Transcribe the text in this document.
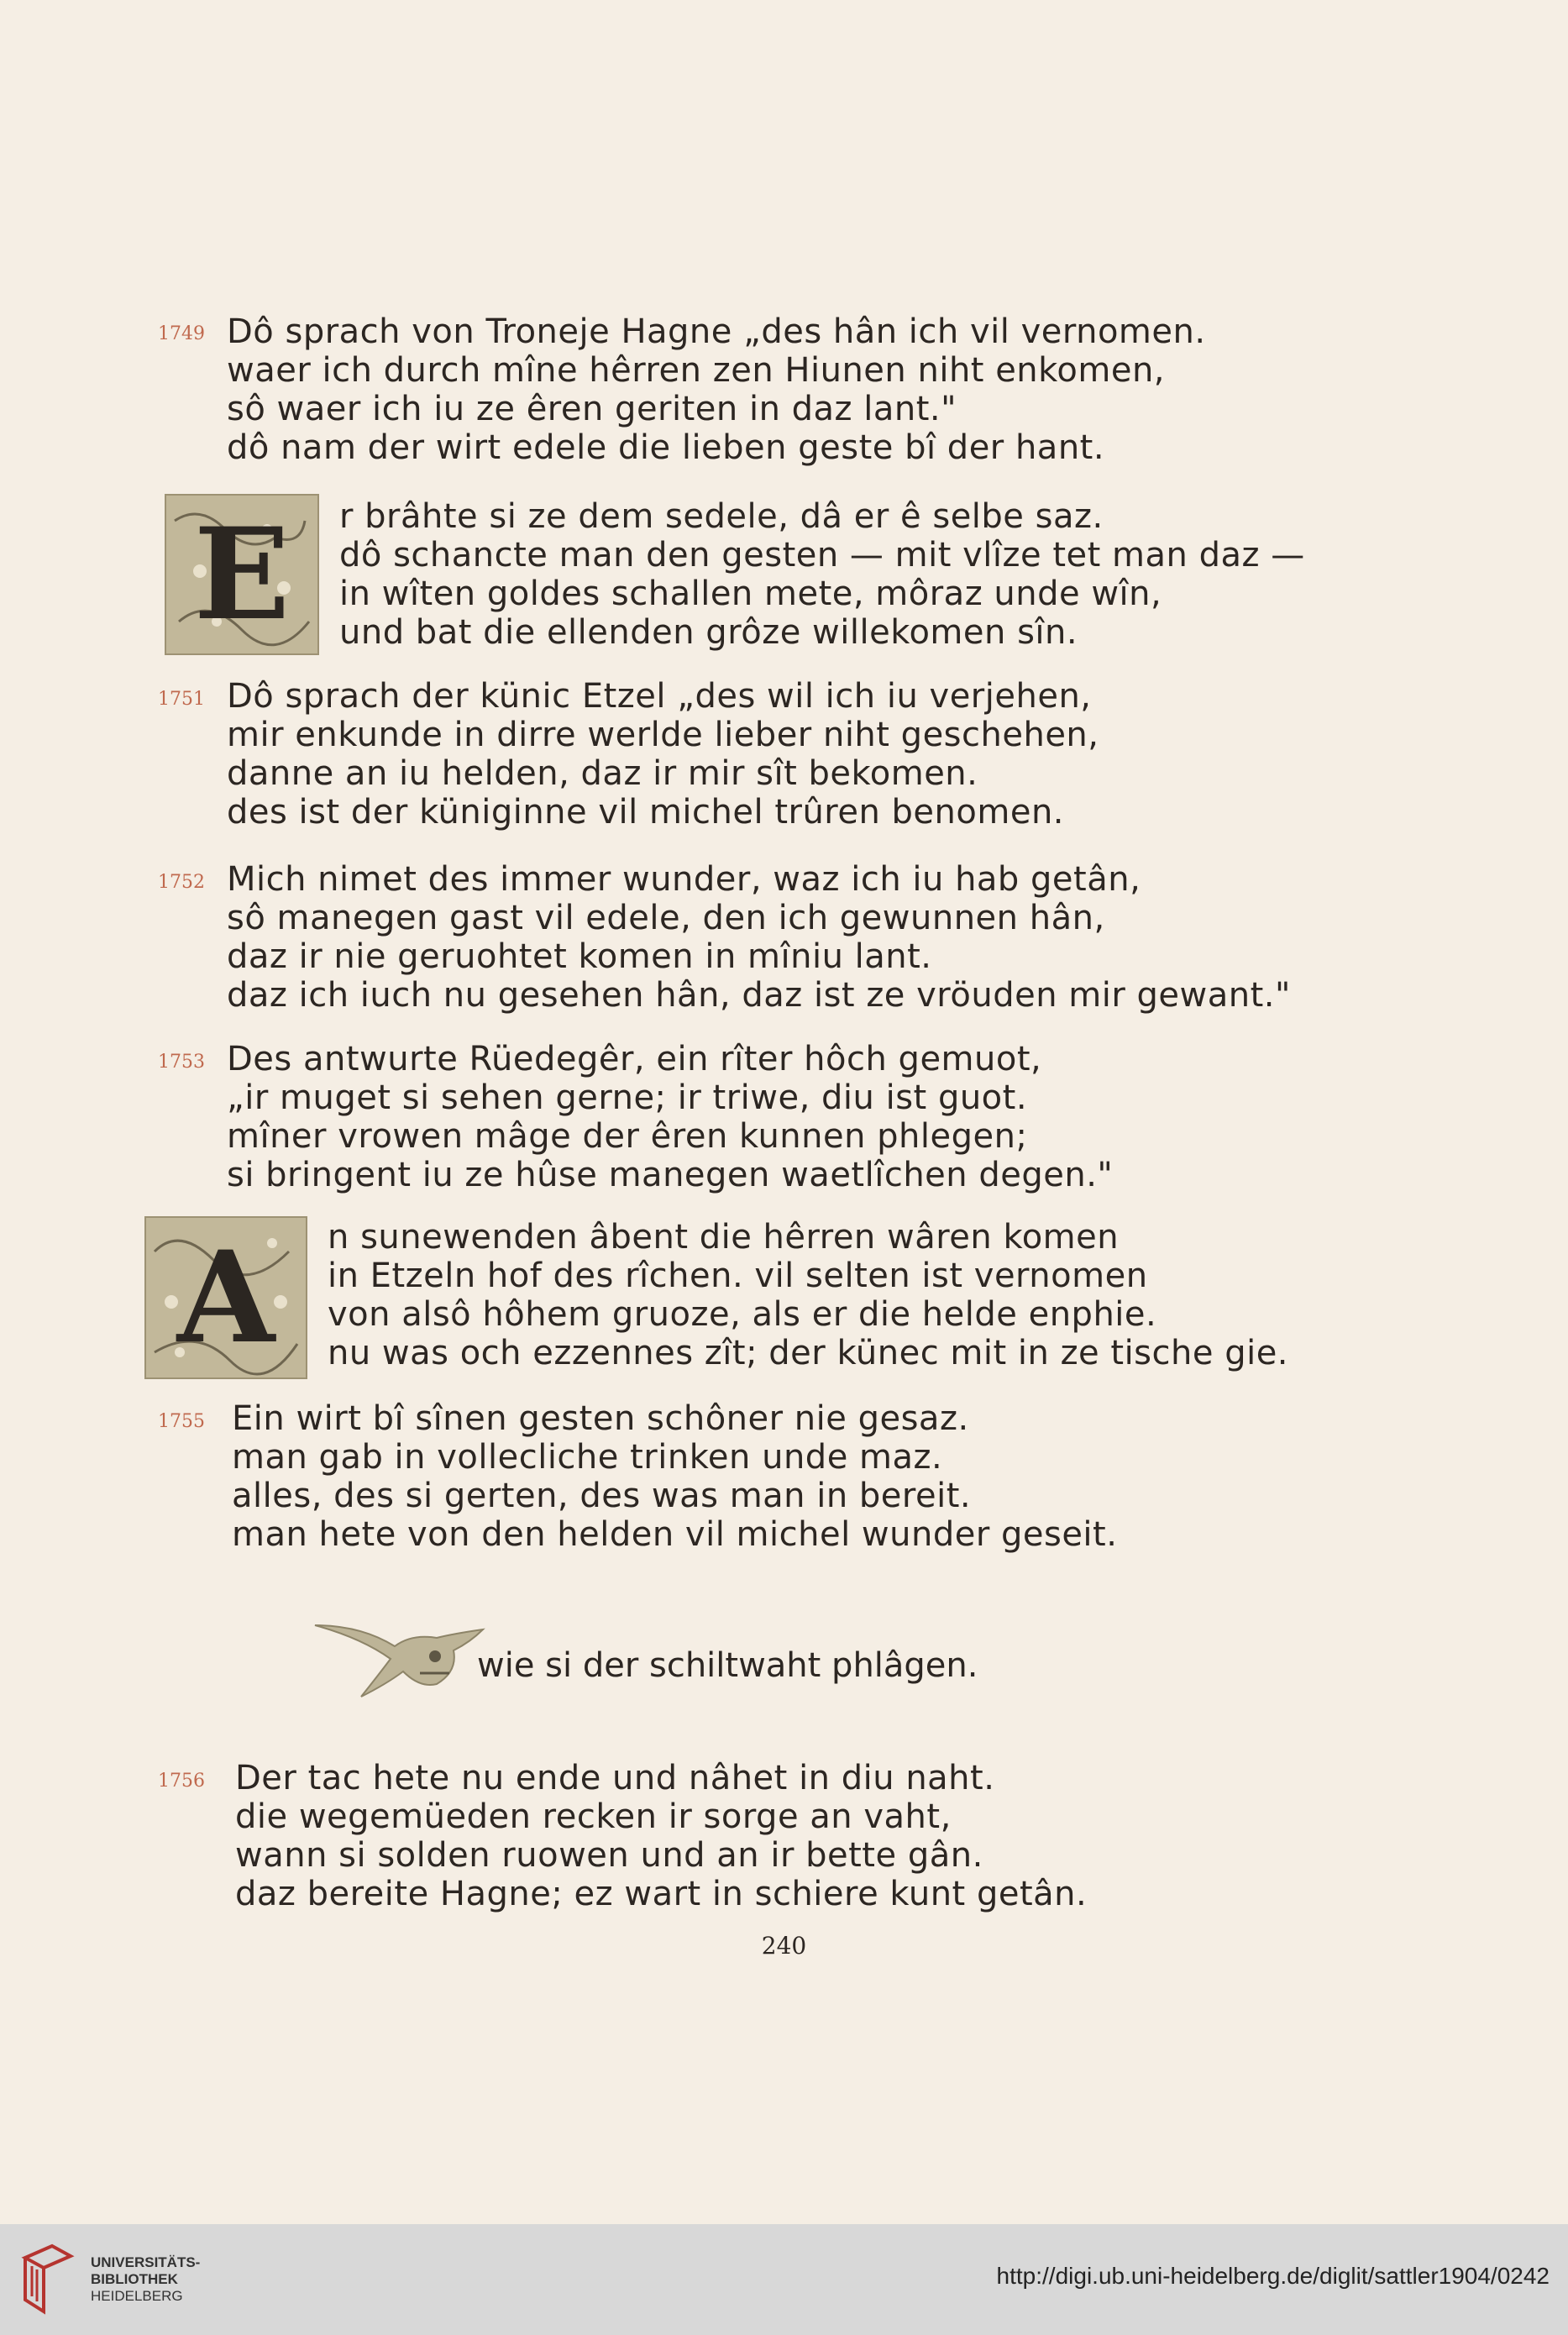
1749 Dô sprach von Troneje Hagne „des hân ich vil vernomen.
waer ich durch mîne hêrren zen Hiunen niht enkomen,
sô waer ich iu ze êren geriten in daz lant."
dô nam der wirt edele die lieben geste bî der hant.
E r brâhte si ze dem sedele, dâ er ê selbe saz.
dô schancte man den gesten — mit vlîze tet man daz —
in wîten goldes schallen mete, môraz unde wîn,
und bat die ellenden grôze willekomen sîn.
1751 Dô sprach der künic Etzel „des wil ich iu verjehen,
mir enkunde in dirre werlde lieber niht geschehen,
danne an iu helden, daz ir mir sît bekomen.
des ist der küniginne vil michel trûren benomen.
1752 Mich nimet des immer wunder, waz ich iu hab getân,
sô manegen gast vil edele, den ich gewunnen hân,
daz ir nie geruohtet komen in mîniu lant.
daz ich iuch nu gesehen hân, daz ist ze vröuden mir gewant."
1753 Des antwurte Rüedegêr, ein rîter hôch gemuot,
„ir muget si sehen gerne; ir triwe, diu ist guot.
mîner vrowen mâge der êren kunnen phlegen;
si bringent iu ze hûse manegen waetlîchen degen."
A n sunewenden âbent die hêrren wâren komen
in Etzeln hof des rîchen. vil selten ist vernomen
von alsô hôhem gruoze, als er die helde enphie.
nu was och ezzennes zît; der künec mit in ze tische gie.
1755 Ein wirt bî sînen gesten schôner nie gesaz.
man gab in vollecliche trinken unde maz.
alles, des si gerten, des was man in bereit.
man hete von den helden vil michel wunder geseit.
wie si der schiltwaht phlâgen.
1756 Der tac hete nu ende und nâhet in diu naht.
die wegemüeden recken ir sorge an vaht,
wann si solden ruowen und an ir bette gân.
daz bereite Hagne; ez wart in schiere kunt getân.
240
UNIVERSITÄTS-
BIBLIOTHEK
HEIDELBERG
http://digi.ub.uni-heidelberg.de/diglit/sattler1904/0242
